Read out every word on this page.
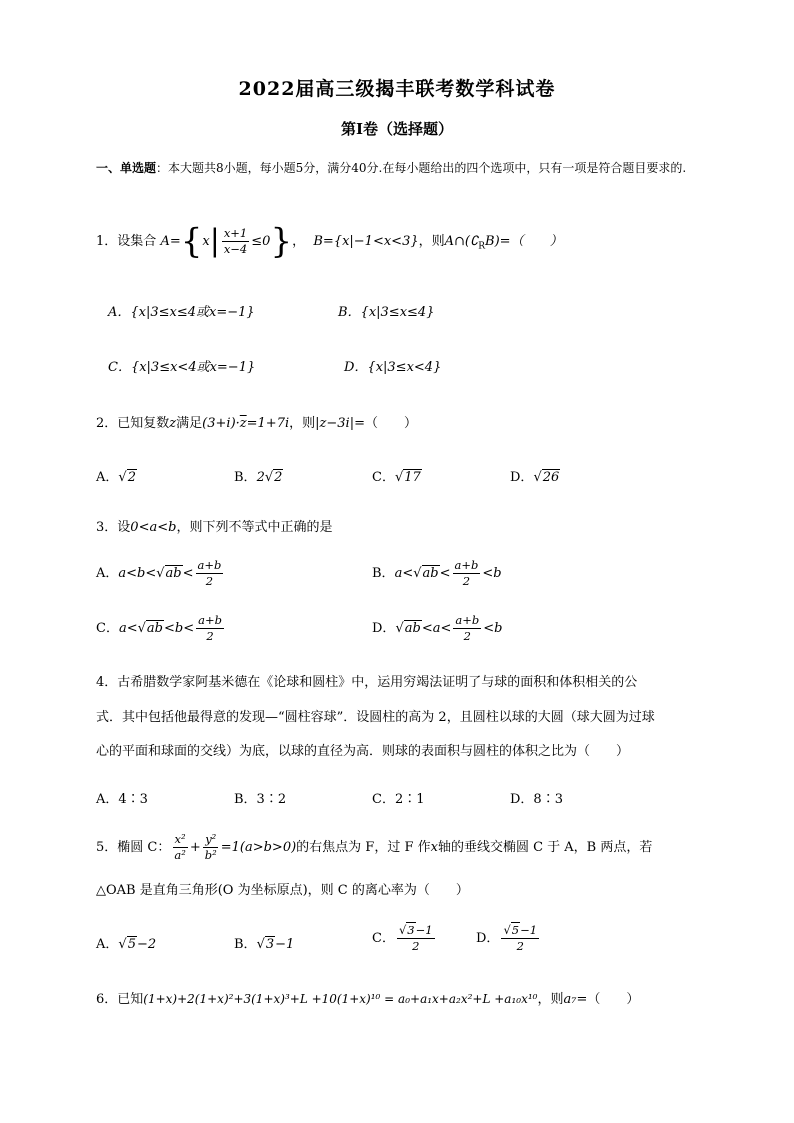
2022届高三级揭丰联考数学科试卷
第Ⅰ卷（选择题）
一、单选题：本大题共8小题，每小题5分，满分40分.在每小题给出的四个选项中，只有一项是符合题目要求的.
1．设集合 $A=\{x| \frac{x+1}{x-4} \le 0\}$， B={x|−1<x<3}，则$A\cap(∁_RB)=$（　　）
A．{x|3≤x≤4或x=−1}	B．{x|3≤x≤4}
C．{x|3≤x<4或x=−1}	D．{x|3≤x<4}
2．已知复数z满足$(3+i)\cdot\overline{z}=1+7i$，则|z−3i|=（　　）
A．√2	B．2√2	C．√17	D．√26
3．设0<a<b，则下列不等式中正确的是
A．$a<b<√ab< \frac{a+b}{2}$	B．$a<√ab< \frac{a+b}{2} <b$
C．$a<√ab<b< \frac{a+b}{2}$	D．$√ab<a< \frac{a+b}{2} <b$
4．古希腊数学家阿基米德在《论球和圆柱》中，运用穷竭法证明了与球的面积和体积相关的公
式．其中包括他最得意的发现—“圆柱容球”．设圆柱的高为 2，且圆柱以球的大圆（球大圆为过球
心的平面和球面的交线）为底，以球的直径为高．则球的表面积与圆柱的体积之比为（　　）
A．4∶3	B．3∶2	C．2∶1	D．8∶3
5．椭圆 C： $\frac{\text{x²}}{\text{a²}} + \frac{\text{y²}}{\text{b²}} =1(a>b>0)$的右焦点为 F，过 F 作x轴的垂线交椭圆 C 于 A，B 两点，若
△OAB 是直角三角形(O 为坐标原点)，则 C 的离心率为（　　）
A．√5−2	B．√3−1	C． $\frac{√3-1}{2}$	D． $\frac{√5-1}{2}$
6．已知(1+x)+2(1+x)²+3(1+x)³+L +10(1+x)¹⁰ = a₀+a₁x+a₂x²+L +a₁₀x¹⁰，则a₇=（　　）
